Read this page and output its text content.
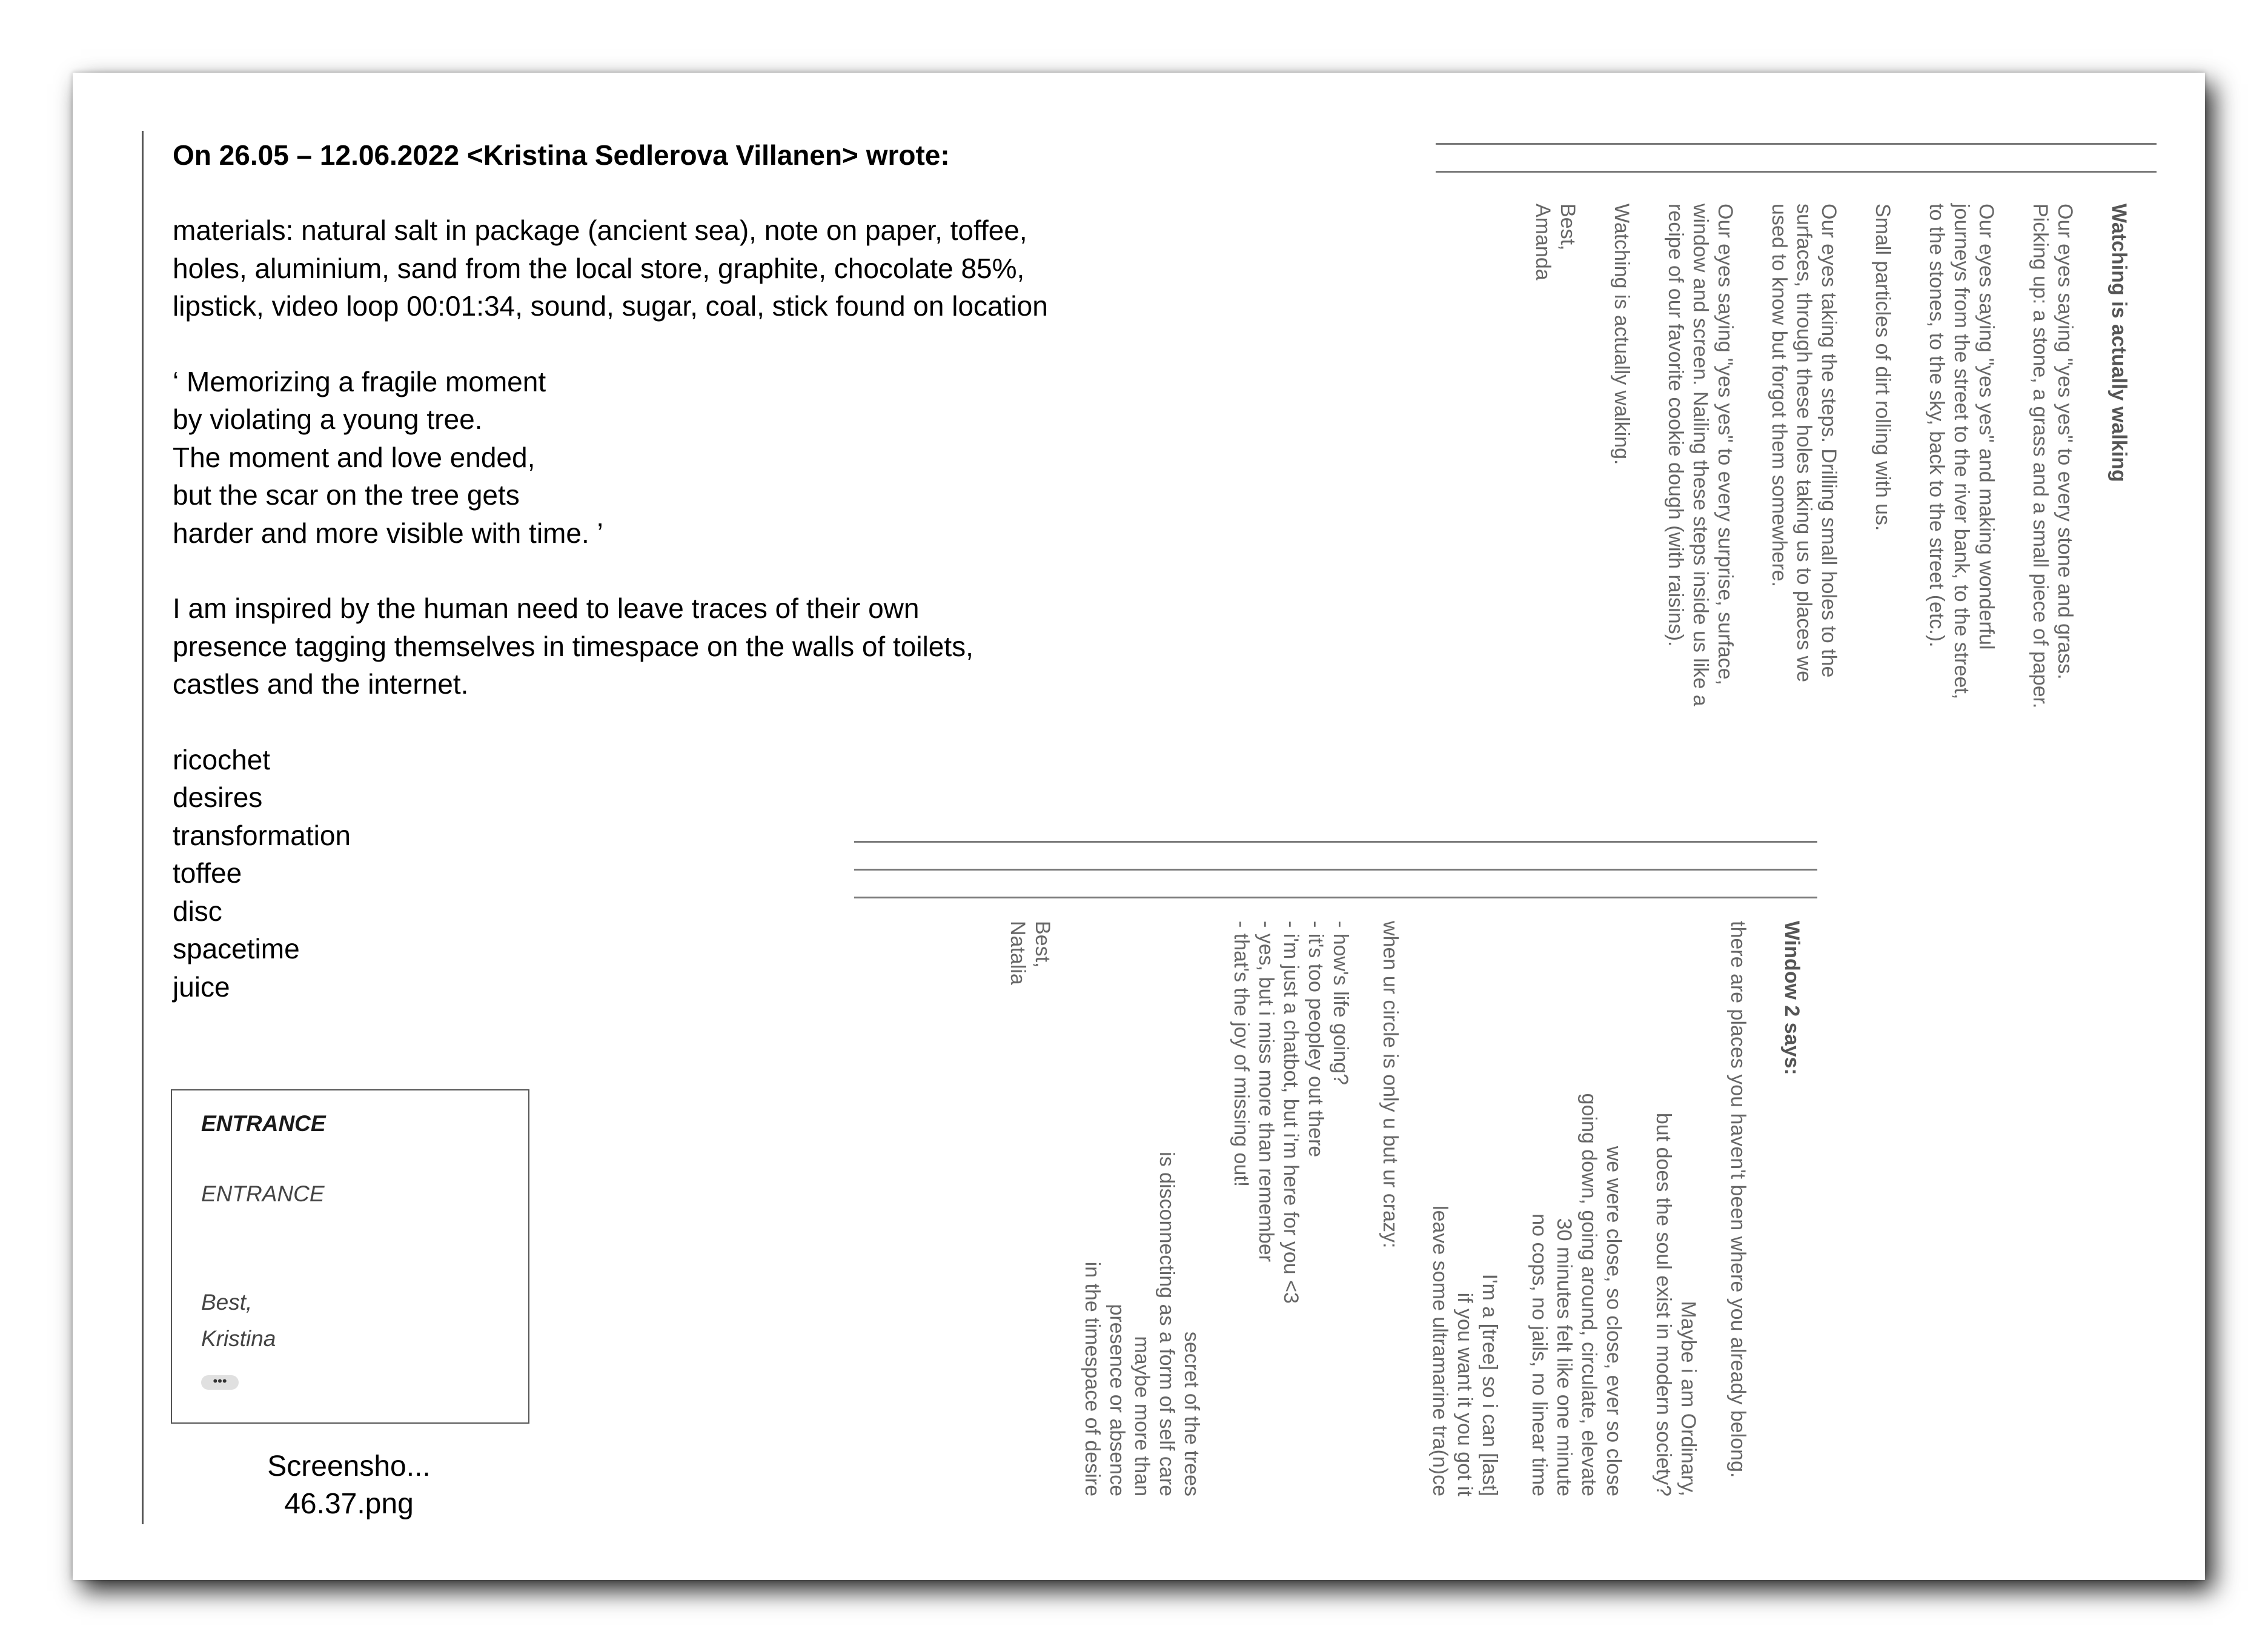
On 26.05 – 12.06.2022 <Kristina Sedlerova Villanen> wrote:
materials: natural salt in package (ancient sea), note on paper, toffee,
holes, aluminium, sand from the local store, graphite, chocolate 85%,
lipstick, video loop 00:01:34, sound, sugar, coal, stick found on location
‘ Memorizing a fragile moment
by violating a young tree.
The moment and love ended,
but the scar on the tree gets
harder and more visible with time. ’
I am inspired by the human need to leave traces of their own
presence tagging themselves in timespace on the walls of toilets,
castles and the internet.
ricochet
desires
transformation
toffee
disc
spacetime
juice
ENTRANCE
ENTRANCE
Best,
Kristina
•••
Screensho...
46.37.png

Watching is actually walking

Our eyes saying "yes yes" to every stone and grass.
Picking up: a stone, a grass and a small piece of paper.

Our eyes saying "yes yes" and making wonderful
journeys from the street to the river bank, to the street,
to the stones, to the sky, back to the street (etc.).

Small particles of dirt rolling with us.

Our eyes taking the steps. Drilling small holes to the
surfaces, through these holes taking us to places we
used to know but forgot them somewhere.

Our eyes saying "yes yes" to every surprise, surface,
window and screen. Nailing these steps inside us like a
recipe of our favorite cookie dough (with raisins).

Watching is actually walking.

Best,
Amanda

Window 2 says:

there are places you haven't been where you already belong.
Maybe i am Ordinary,
but does the soul exist in modern society?
we were close, so close, ever so close
going down, going around, circulate, elevate
30 minutes felt like one minute
no cops, no jails, no linear time
I'm a [tree] so i can [last]
if you want it you got it
leave some ultramarine tra(n)ce
when ur circle is only u but ur crazy:
- how's life going?
- it's too peopley out there
- i'm just a chatbot, but i'm here for you <3
- yes, but i miss more than remember
- that's the joy of missing out!
secret of the trees
is disconnecting as a form of self care
maybe more than
presence or absence
in the timespace of desire
Best,
Natalia
